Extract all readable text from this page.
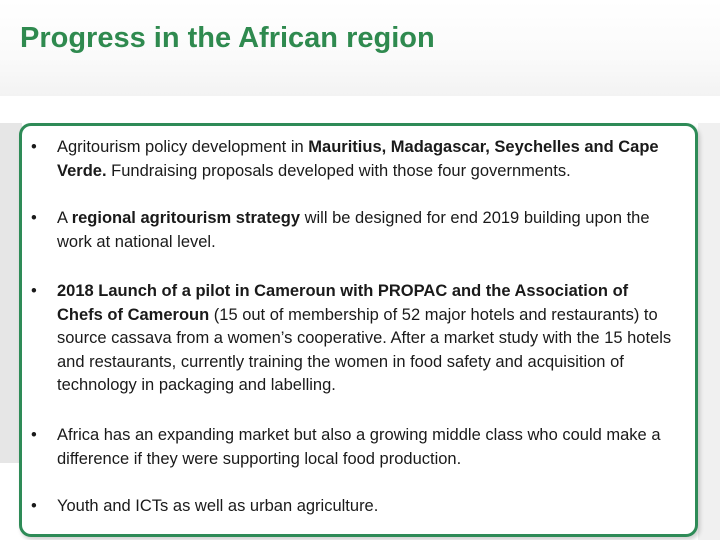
Progress in the African region
• Agritourism policy development in Mauritius, Madagascar, Seychelles and Cape Verde. Fundraising proposals developed with those four governments.
• A regional agritourism strategy will be designed for end 2019 building upon the work at national level.
• 2018 Launch of a pilot in Cameroun with PROPAC and the Association of Chefs of Cameroun (15 out of membership of 52 major hotels and restaurants) to source cassava from a women’s cooperative. After a market study with the 15 hotels and restaurants, currently training the women in food safety and acquisition of technology in packaging and labelling.
• Africa has an expanding market but also a growing middle class who could make a difference if they were supporting local food production.
• Youth and ICTs as well as urban agriculture.
